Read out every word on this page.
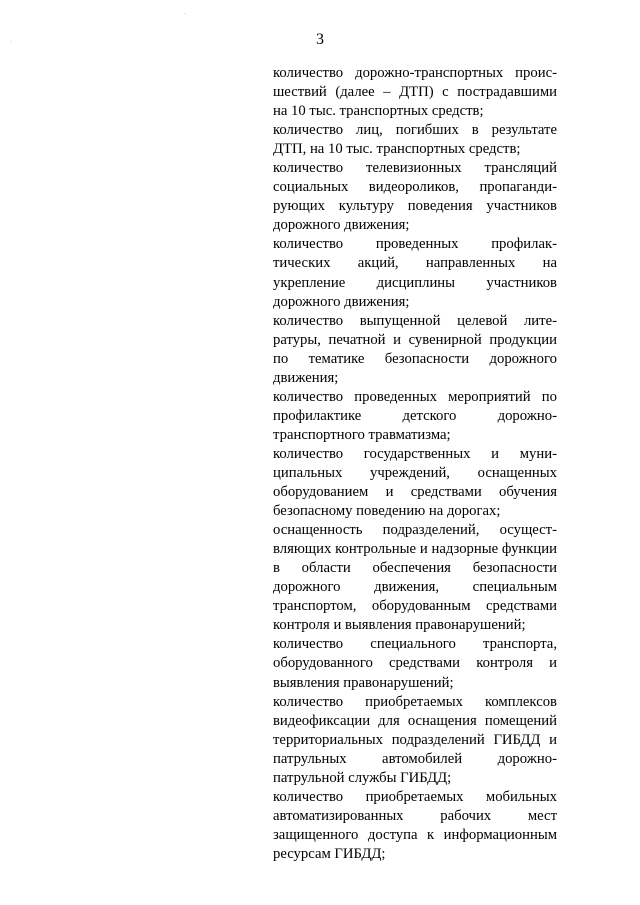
3
·
·
количество дорожно-транспортных проис-
шествий (далее – ДТП) с пострадавшими
на 10 тыс. транспортных средств;
количество лиц, погибших в результате
ДТП, на 10 тыс. транспортных средств;
количество телевизионных трансляций
социальных видеороликов, пропаганди-
рующих культуру поведения участников
дорожного движения;
количество проведенных профилак-
тических акций, направленных на
укрепление дисциплины участников
дорожного движения;
количество выпущенной целевой лите-
ратуры, печатной и сувенирной продукции
по тематике безопасности дорожного
движения;
количество проведенных мероприятий по
профилактике детского дорожно-
транспортного травматизма;
количество государственных и муни-
ципальных учреждений, оснащенных
оборудованием и средствами обучения
безопасному поведению на дорогах;
оснащенность подразделений, осущест-
вляющих контрольные и надзорные функции
в области обеспечения безопасности
дорожного движения, специальным
транспортом, оборудованным средствами
контроля и выявления правонарушений;
количество специального транспорта,
оборудованного средствами контроля и
выявления правонарушений;
количество приобретаемых комплексов
видеофиксации для оснащения помещений
территориальных подразделений ГИБДД и
патрульных автомобилей дорожно-
патрульной службы ГИБДД;
количество приобретаемых мобильных
автоматизированных рабочих мест
защищенного доступа к информационным
ресурсам ГИБДД;
